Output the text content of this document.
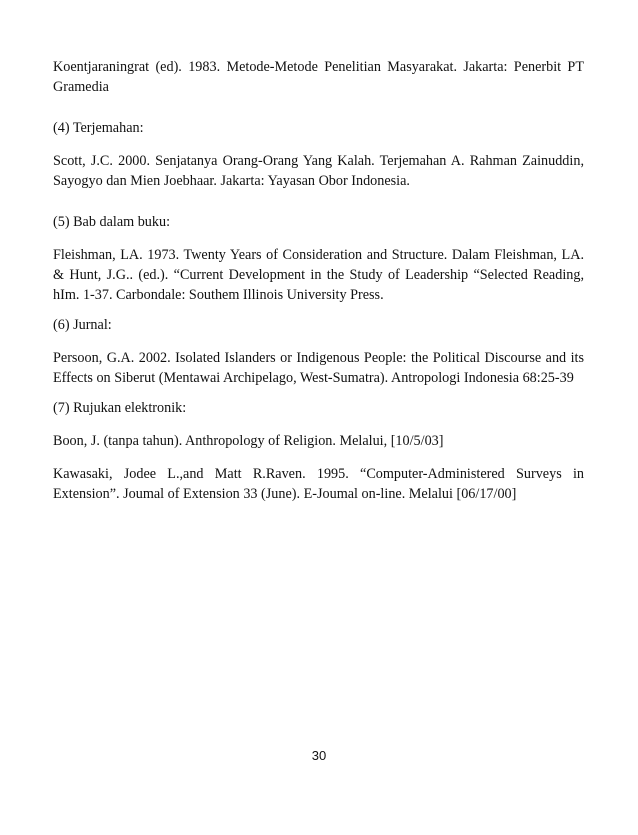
Koentjaraningrat (ed). 1983. Metode-Metode Penelitian Masyarakat. Jakarta: Penerbit PT Gramedia

(4) Terjemahan:

Scott, J.C. 2000. Senjatanya Orang-Orang Yang Kalah. Terjemahan A. Rahman Zainuddin, Sayogyo dan Mien Joebhaar. Jakarta: Yayasan Obor Indonesia.

(5) Bab dalam buku:

Fleishman, LA. 1973. Twenty Years of Consideration and Structure. Dalam Fleishman, LA. & Hunt, J.G.. (ed.). “Current Development in the Study of Leadership “Selected Reading, hIm. 1-37. Carbondale: Southem Illinois University Press.

(6) Jurnal:

Persoon, G.A. 2002. Isolated Islanders or Indigenous People: the Political Discourse and its Effects on Siberut (Mentawai Archipelago, West-Sumatra). Antropologi Indonesia 68:25-39

(7) Rujukan elektronik:

Boon, J. (tanpa tahun). Anthropology of Religion. Melalui, [10/5/03]

Kawasaki, Jodee L.,and Matt R.Raven. 1995. “Computer-Administered Surveys in Extension”. Joumal of Extension 33 (June). E-Joumal on-line. Melalui [06/17/00]

30
